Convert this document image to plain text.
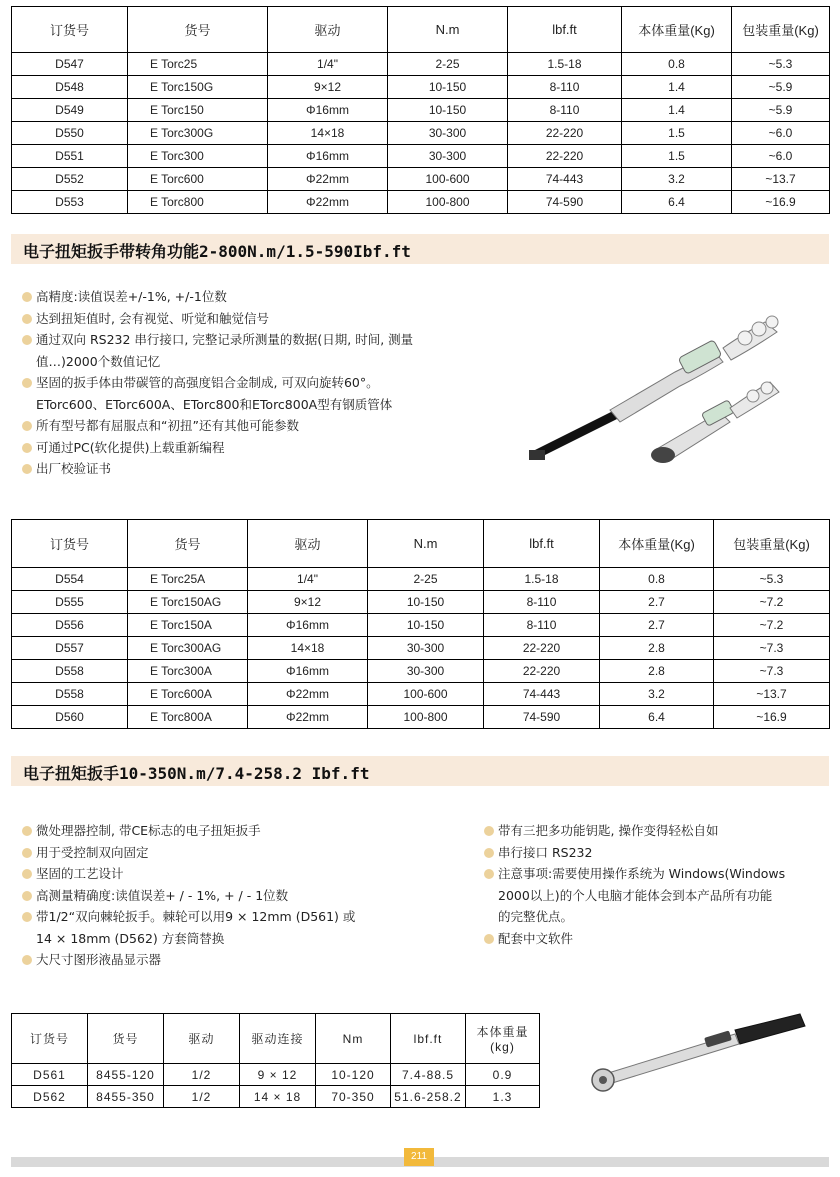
订货号	货号	驱动	N.m	lbf.ft	本体重量(Kg)	包装重量(Kg)
D547	E Torc25	1/4"	2-25	1.5-18	0.8	~5.3
D548	E Torc150G	9×12	10-150	8-110	1.4	~5.9
D549	E Torc150	Φ16mm	10-150	8-110	1.4	~5.9
D550	E Torc300G	14×18	30-300	22-220	1.5	~6.0
D551	E Torc300	Φ16mm	30-300	22-220	1.5	~6.0
D552	E Torc600	Φ22mm	100-600	74-443	3.2	~13.7
D553	E Torc800	Φ22mm	100-800	74-590	6.4	~16.9
电子扭矩扳手带转角功能2-800N.m/1.5-590Ibf.ft
高精度:读值误差+/-1%, +/-1位数
达到扭矩值时, 会有视觉、听觉和触觉信号
通过双向 RS232 串行接口, 完整记录所测量的数据(日期, 时间, 测量
值…)2000个数值记忆
坚固的扳手体由带碳管的高强度铝合金制成, 可双向旋转60°。
ETorc600、ETorc600A、ETorc800和ETorc800A型有钢质管体
所有型号都有屈服点和“初扭”还有其他可能参数
可通过PC(软化提供)上载重新编程
出厂校验证书
订货号	货号	驱动	N.m	lbf.ft	本体重量(Kg)	包装重量(Kg)
D554	E Torc25A	1/4"	2-25	1.5-18	0.8	~5.3
D555	E Torc150AG	9×12	10-150	8-110	2.7	~7.2
D556	E Torc150A	Φ16mm	10-150	8-110	2.7	~7.2
D557	E Torc300AG	14×18	30-300	22-220	2.8	~7.3
D558	E Torc300A	Φ16mm	30-300	22-220	2.8	~7.3
D558	E Torc600A	Φ22mm	100-600	74-443	3.2	~13.7
D560	E Torc800A	Φ22mm	100-800	74-590	6.4	~16.9
电子扭矩扳手10-350N.m/7.4-258.2 Ibf.ft
微处理器控制, 带CE标志的电子扭矩扳手
用于受控制双向固定
坚固的工艺设计
高测量精确度:读值误差+ / - 1%, + / - 1位数
带1/2“双向棘轮扳手。棘轮可以用9 × 12mm (D561) 或
14 × 18mm (D562) 方套筒替换
大尺寸图形液晶显示器
带有三把多功能钥匙, 操作变得轻松自如
串行接口 RS232
注意事项:需要使用操作系统为 Windows(Windows
2000以上)的个人电脑才能体会到本产品所有功能
的完整优点。
配套中文软件
订货号	货号	驱动	驱动连接	Nm	lbf.ft	本体重量(kg)
D561	8455-120	1/2	9 × 12	10-120	7.4-88.5	0.9
D562	8455-350	1/2	14 × 18	70-350	51.6-258.2	1.3
211
